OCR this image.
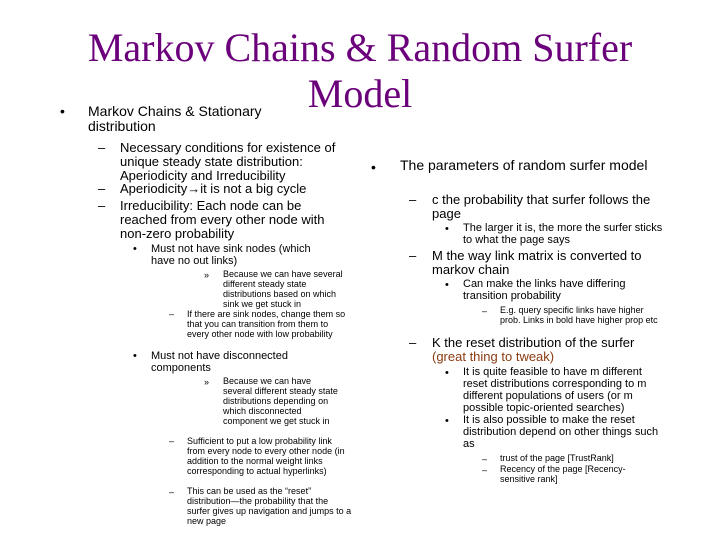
Markov Chains & Random Surfer
Model
• Markov Chains & Stationary distribution

– Necessary conditions for existence of unique steady state distribution: Aperiodicity and Irreducibility

– Aperiodicity→it is not a big cycle

– Irreducibility: Each node can be reached from every other node with non-zero probability

• Must not have sink nodes (which have no out links)

» Because we can have several different steady state distributions based on which sink we get stuck in

– If there are sink nodes, change them so that you can transition from them to every other node with low probability

• Must not have disconnected components

» Because we can have several different steady state distributions depending on which disconnected component we get stuck in

– Sufficient to put a low probability link from every node to every other node (in addition to the normal weight links corresponding to actual hyperlinks)

– This can be used as the “reset” distribution—the probability that the surfer gives up navigation and jumps to a new page

• The parameters of random surfer model

– c the probability that surfer follows the page

• The larger it is, the more the surfer sticks to what the page says

– M the way link matrix is converted to markov chain

• Can make the links have differing transition probability

– E.g. query specific links have higher prob. Links in bold have higher prop etc

– K the reset distribution of the surfer
(great thing to tweak)

• It is quite feasible to have m different reset distributions corresponding to m different populations of users (or m possible topic-oriented searches)

• It is also possible to make the reset distribution depend on other things such as

– trust of the page [TrustRank]

– Recency of the page [Recency-sensitive rank]
